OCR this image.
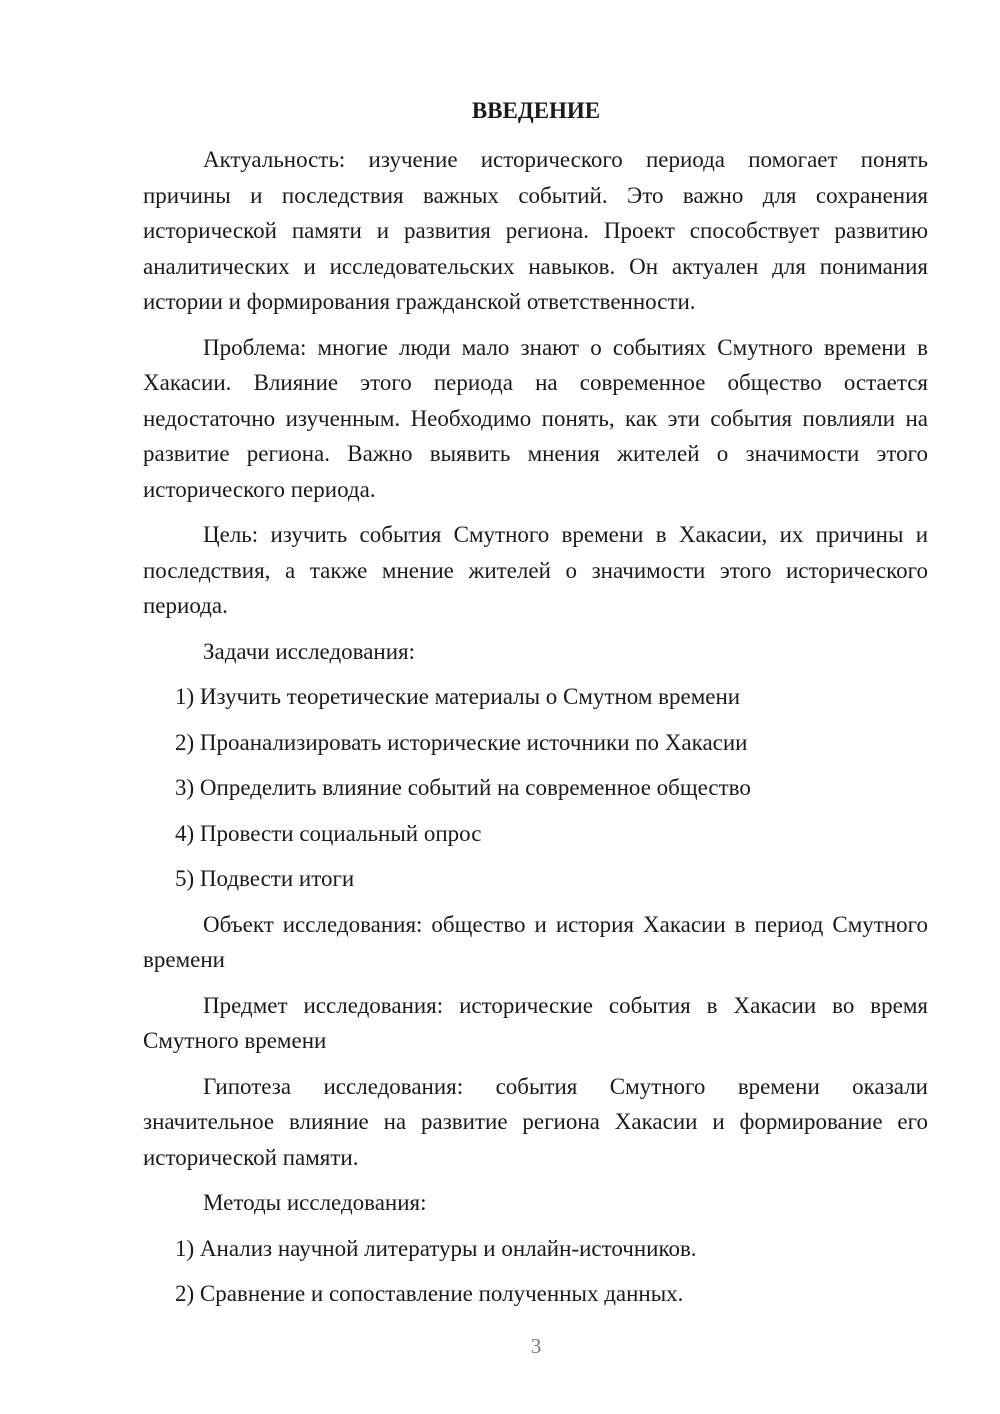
ВВЕДЕНИЕ

Актуальность: изучение исторического периода помогает понять причины и последствия важных событий. Это важно для сохранения исторической памяти и развития региона. Проект способствует развитию аналитических и исследовательских навыков. Он актуален для понимания истории и формирования гражданской ответственности.

Проблема: многие люди мало знают о событиях Смутного времени в Хакасии. Влияние этого периода на современное общество остается недостаточно изученным. Необходимо понять, как эти события повлияли на развитие региона. Важно выявить мнения жителей о значимости этого исторического периода.

Цель: изучить события Смутного времени в Хакасии, их причины и последствия, а также мнение жителей о значимости этого исторического периода.

Задачи исследования:

1) Изучить теоретические материалы о Смутном времени
2) Проанализировать исторические источники по Хакасии
3) Определить влияние событий на современное общество
4) Провести социальный опрос
5) Подвести итоги

Объект исследования: общество и история Хакасии в период Смутного времени

Предмет исследования: исторические события в Хакасии во время Смутного времени

Гипотеза исследования: события Смутного времени оказали значительное влияние на развитие региона Хакасии и формирование его исторической памяти.

Методы исследования:

1) Анализ научной литературы и онлайн-источников.
2) Сравнение и сопоставление полученных данных.
3
